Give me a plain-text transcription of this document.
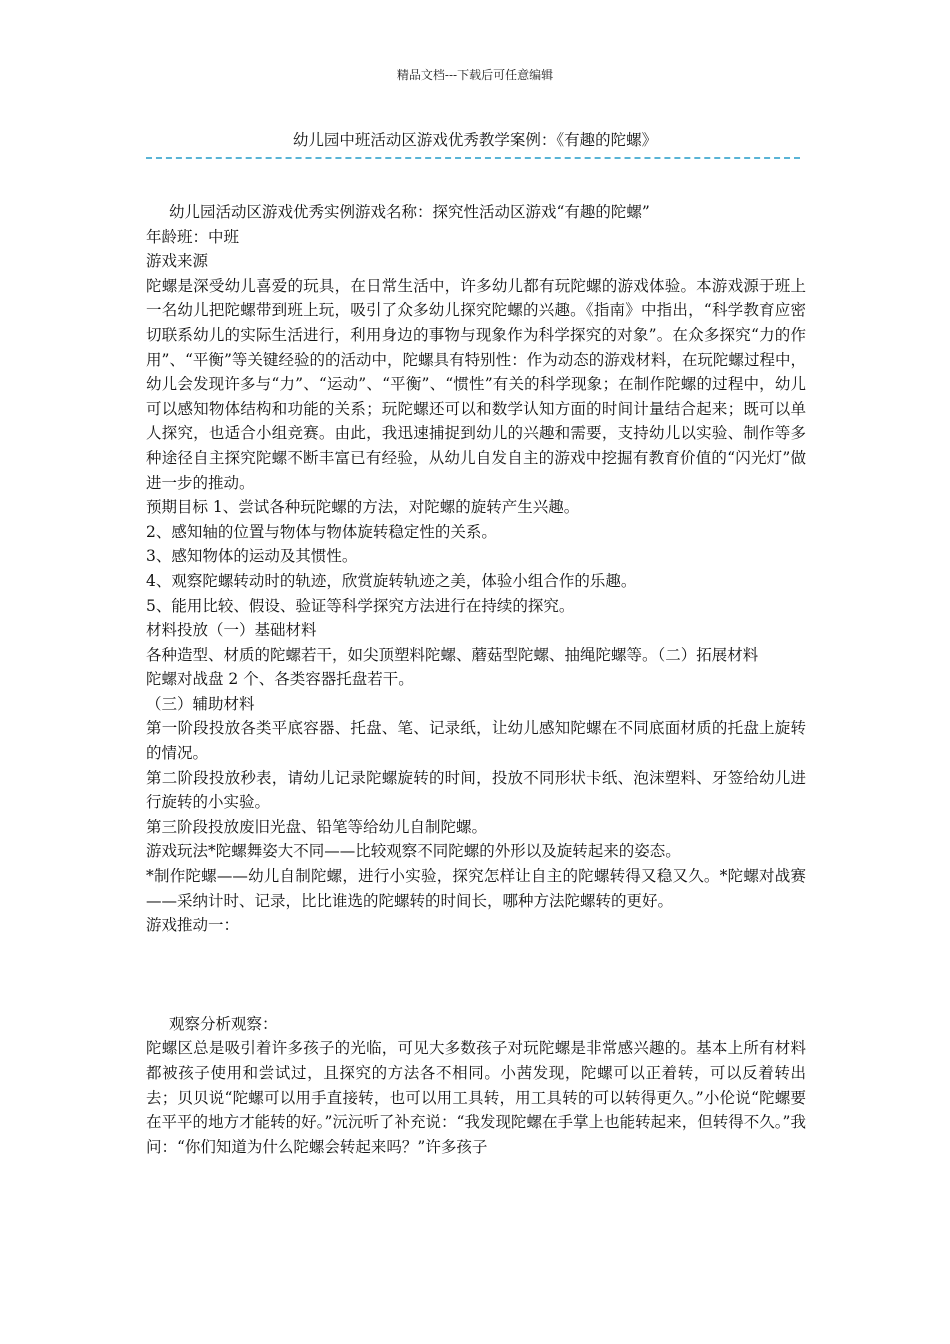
精品文档---下载后可任意编辑
幼儿园中班活动区游戏优秀教学案例：《有趣的陀螺》

幼儿园活动区游戏优秀实例游戏名称：探究性活动区游戏“有趣的陀螺”

年龄班：中班

游戏来源

陀螺是深受幼儿喜爱的玩具，在日常生活中，许多幼儿都有玩陀螺的游戏体验。本游戏源于班上一名幼儿把陀螺带到班上玩，吸引了众多幼儿探究陀螺的兴趣。《指南》中指出，“科学教育应密切联系幼儿的实际生活进行，利用身边的事物与现象作为科学探究的对象”。在众多探究“力的作用”、“平衡”等关键经验的的活动中，陀螺具有特别性：作为动态的游戏材料，在玩陀螺过程中，幼儿会发现许多与“力”、“运动”、“平衡”、“惯性”有关的科学现象；在制作陀螺的过程中，幼儿可以感知物体结构和功能的关系；玩陀螺还可以和数学认知方面的时间计量结合起来；既可以单人探究，也适合小组竞赛。由此，我迅速捕捉到幼儿的兴趣和需要，支持幼儿以实验、制作等多种途径自主探究陀螺不断丰富已有经验，从幼儿自发自主的游戏中挖掘有教育价值的“闪光灯”做进一步的推动。

预期目标 1、尝试各种玩陀螺的方法，对陀螺的旋转产生兴趣。

2、感知轴的位置与物体与物体旋转稳定性的关系。

3、感知物体的运动及其惯性。

4、观察陀螺转动时的轨迹，欣赏旋转轨迹之美，体验小组合作的乐趣。

5、能用比较、假设、验证等科学探究方法进行在持续的探究。

材料投放（一）基础材料

各种造型、材质的陀螺若干，如尖顶塑料陀螺、蘑菇型陀螺、抽绳陀螺等。（二）拓展材料

陀螺对战盘 2 个、各类容器托盘若干。

（三）辅助材料

第一阶段投放各类平底容器、托盘、笔、记录纸，让幼儿感知陀螺在不同底面材质的托盘上旋转的情况。

第二阶段投放秒表，请幼儿记录陀螺旋转的时间，投放不同形状卡纸、泡沫塑料、牙签给幼儿进行旋转的小实验。

第三阶段投放废旧光盘、铅笔等给幼儿自制陀螺。

游戏玩法*陀螺舞姿大不同——比较观察不同陀螺的外形以及旋转起来的姿态。

*制作陀螺——幼儿自制陀螺，进行小实验，探究怎样让自主的陀螺转得又稳又久。*陀螺对战赛——采纳计时、记录，比比谁选的陀螺转的时间长，哪种方法陀螺转的更好。

游戏推动一：

观察分析观察：

陀螺区总是吸引着许多孩子的光临，可见大多数孩子对玩陀螺是非常感兴趣的。基本上所有材料都被孩子使用和尝试过，且探究的方法各不相同。小茜发现，陀螺可以正着转，可以反着转出去；贝贝说“陀螺可以用手直接转，也可以用工具转，用工具转的可以转得更久。”小伦说“陀螺要在平平的地方才能转的好。”沅沅听了补充说：“我发现陀螺在手掌上也能转起来，但转得不久。”我问：“你们知道为什么陀螺会转起来吗？”许多孩子
